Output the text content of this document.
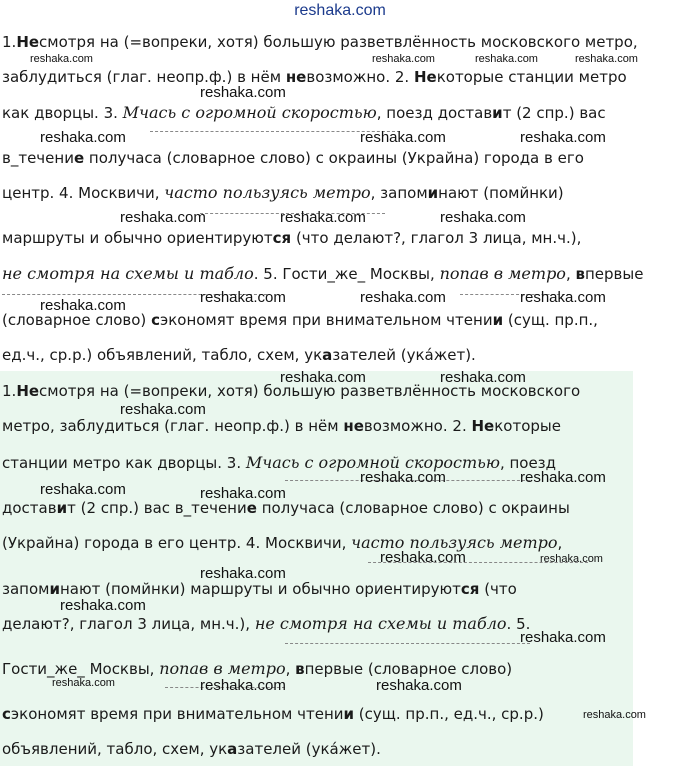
reshaka.com
1.Несмотря на (=вопреки, хотя) большую разветвлённость московского метро,
заблудиться (глаг. неопр.ф.) в нём невозможно. 2. Некоторые станции метро
как дворцы. 3. Мчась с огромной скоростью, поезд доставит (2 спр.) вас
в_течение получаса (словарное слово) с окраины (Украйна) города в его
центр. 4. Москвичи, часто пользуясь метро, запоминают (помйнки)
маршруты и обычно ориентируются (что делают?, глагол 3 лица, мн.ч.),
не смотря на схемы и табло. 5. Гости_же_ Москвы, попав в метро, впервые
(словарное слово) сэкономят время при внимательном чтении (сущ. пр.п.,
ед.ч., ср.р.) объявлений, табло, схем, указателей (укáжет).
1.Несмотря на (=вопреки, хотя) большую разветвлённость московского
метро, заблудиться (глаг. неопр.ф.) в нём невозможно. 2. Некоторые
станции метро как дворцы. 3. Мчась с огромной скоростью, поезд
доставит (2 спр.) вас в_течение получаса (словарное слово) с окраины
(Украйна) города в его центр. 4. Москвичи, часто пользуясь метро,
запоминают (помйнки) маршруты и обычно ориентируются (что
делают?, глагол 3 лица, мн.ч.), не смотря на схемы и табло. 5.
Гости_же_ Москвы, попав в метро, впервые (словарное слово)
сэкономят время при внимательном чтении (сущ. пр.п., ед.ч., ср.р.)
объявлений, табло, схем, указателей (укáжет).
reshaka.com	reshaka.com	reshaka.com	reshaka.com
reshaka.com
reshaka.com	reshaka.com	reshaka.com
reshaka.com	reshaka.com	reshaka.com
reshaka.com	reshaka.com	reshaka.com
reshaka.com
reshaka.com	reshaka.com
reshaka.com
reshaka.com	reshaka.com
reshaka.com	reshaka.com
reshaka.com	reshaka.com
reshaka.com
reshaka.com
reshaka.com
reshaka.com	reshaka.com	reshaka.com
reshaka.com
